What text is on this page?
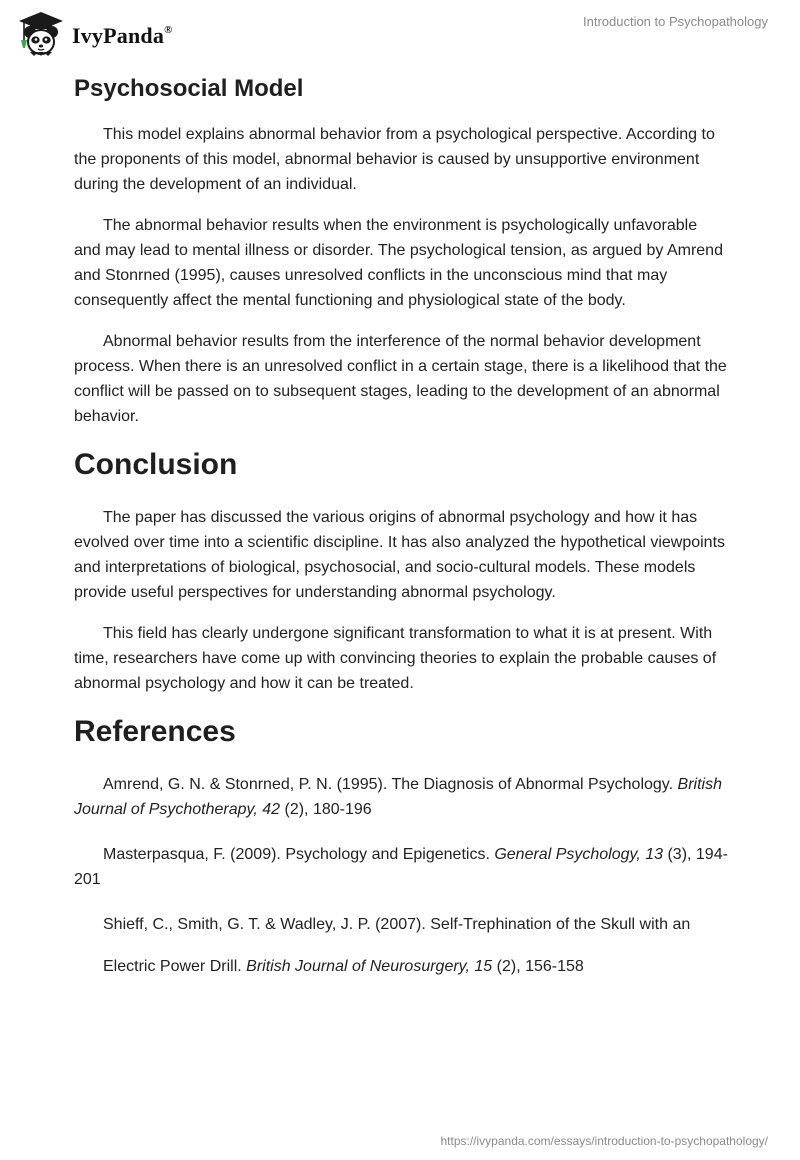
IvyPanda®
Introduction to Psychopathology
Psychosocial Model

This model explains abnormal behavior from a psychological perspective. According to the proponents of this model, abnormal behavior is caused by unsupportive environment during the development of an individual.

The abnormal behavior results when the environment is psychologically unfavorable and may lead to mental illness or disorder. The psychological tension, as argued by Amrend and Stonrned (1995), causes unresolved conflicts in the unconscious mind that may consequently affect the mental functioning and physiological state of the body.

Abnormal behavior results from the interference of the normal behavior development process. When there is an unresolved conflict in a certain stage, there is a likelihood that the conflict will be passed on to subsequent stages, leading to the development of an abnormal behavior.

Conclusion

The paper has discussed the various origins of abnormal psychology and how it has evolved over time into a scientific discipline. It has also analyzed the hypothetical viewpoints and interpretations of biological, psychosocial, and socio-cultural models. These models provide useful perspectives for understanding abnormal psychology.

This field has clearly undergone significant transformation to what it is at present. With time, researchers have come up with convincing theories to explain the probable causes of abnormal psychology and how it can be treated.

References

Amrend, G. N. & Stonrned, P. N. (1995). The Diagnosis of Abnormal Psychology. British Journal of Psychotherapy, 42 (2), 180-196

Masterpasqua, F. (2009). Psychology and Epigenetics. General Psychology, 13 (3), 194-201

Shieff, C., Smith, G. T. & Wadley, J. P. (2007). Self-Trephination of the Skull with an

Electric Power Drill. British Journal of Neurosurgery, 15 (2), 156-158

https://ivypanda.com/essays/introduction-to-psychopathology/
